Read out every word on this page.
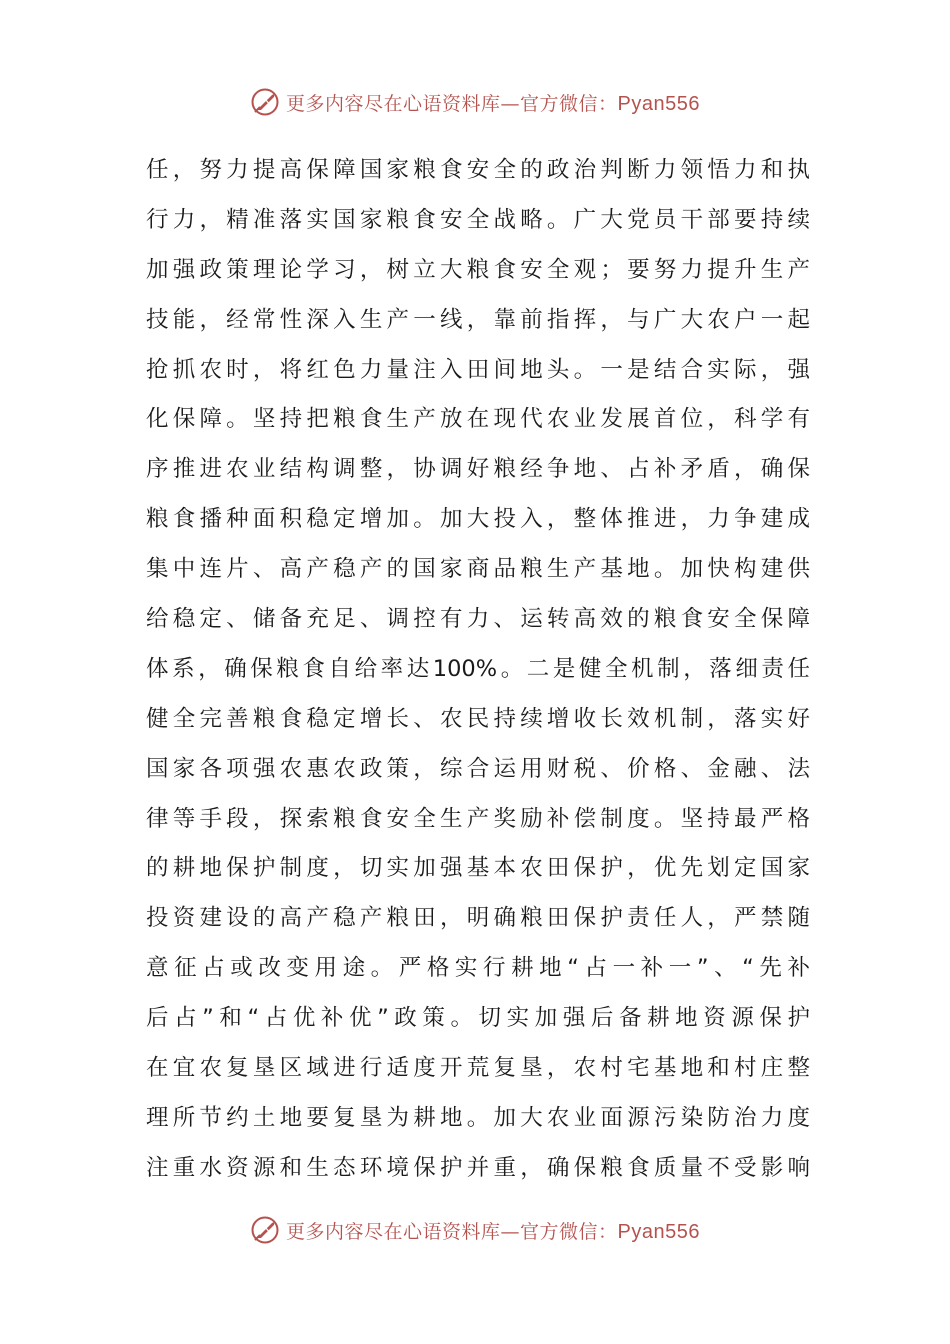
更多内容尽在心语资料库—官方微信：Pyan556
任，努力提高保障国家粮食安全的政治判断力领悟力和执
行力，精准落实国家粮食安全战略。广大党员干部要持续
加强政策理论学习，树立大粮食安全观；要努力提升生产
技能，经常性深入生产一线，靠前指挥，与广大农户一起
抢抓农时，将红色力量注入田间地头。一是结合实际，强
化保障。坚持把粮食生产放在现代农业发展首位，科学有
序推进农业结构调整，协调好粮经争地、占补矛盾，确保
粮食播种面积稳定增加。加大投入，整体推进，力争建成
集中连片、高产稳产的国家商品粮生产基地。加快构建供
给稳定、储备充足、调控有力、运转高效的粮食安全保障
体系，确保粮食自给率达100%。二是健全机制，落细责任
健全完善粮食稳定增长、农民持续增收长效机制，落实好
国家各项强农惠农政策，综合运用财税、价格、金融、法
律等手段，探索粮食安全生产奖励补偿制度。坚持最严格
的耕地保护制度，切实加强基本农田保护，优先划定国家
投资建设的高产稳产粮田，明确粮田保护责任人，严禁随
意征占或改变用途。严格实行耕地“占一补一”、“先补
后占”和“占优补优”政策。切实加强后备耕地资源保护
在宜农复垦区域进行适度开荒复垦，农村宅基地和村庄整
理所节约土地要复垦为耕地。加大农业面源污染防治力度
注重水资源和生态环境保护并重，确保粮食质量不受影响
更多内容尽在心语资料库—官方微信：Pyan556
